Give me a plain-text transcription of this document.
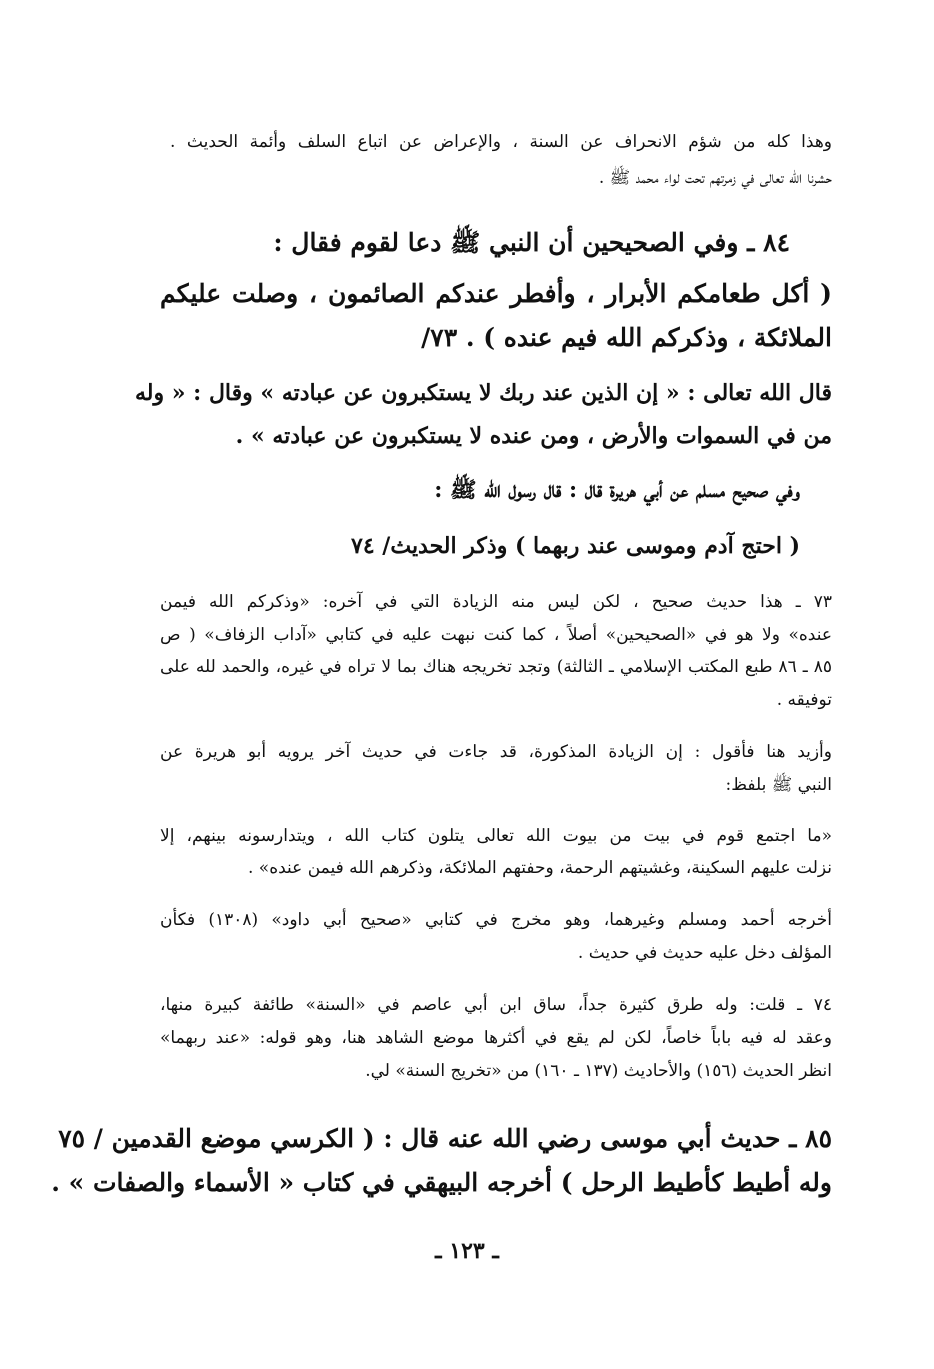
وهذا كله من شؤم الانحراف عن السنة ، والإعراض عن اتباع السلف وأئمة الحديث .
حشرنا الله تعالى في زمرتهم تحت لواء محمد ﷺ .
٨٤ ـ وفي الصحيحين أن النبي ﷺ دعا لقوم فقال :
( أكل طعامكم الأبرار ، وأفطر عندكم الصائمون ، وصلت عليكم
الملائكة ، وذكركم الله فيم عنده ) . ٧٣/
قال الله تعالى : « إن الذين عند ربك لا يستكبرون عن عبادته » وقال : « وله
من في السموات والأرض ، ومن عنده لا يستكبرون عن عبادته » .
وفي صحيح مسلم عن أبي هريرة قال : قال رسول الله ﷺ :
( احتج آدم وموسى عند ربهما ) وذكر الحديث/ ٧٤
٧٣ ـ هذا حديث صحيح ، لكن ليس منه الزيادة التي في آخره: «وذكركم الله فيمن
عنده» ولا هو في «الصحيحين» أصلاً ، كما كنت نبهت عليه في كتابي «آداب الزفاف» ( ص
٨٥ ـ ٨٦ طبع المكتب الإسلامي ـ الثالثة) وتجد تخريجه هناك بما لا تراه في غيره، والحمد لله على
توفيقه .
وأزيد هنا فأقول : إن الزيادة المذكورة، قد جاءت في حديث آخر يرويه أبو هريرة عن
النبي ﷺ بلفظ:
«ما اجتمع قوم في بيت من بيوت الله تعالى يتلون كتاب الله ، ويتدارسونه بينهم، إلا
نزلت عليهم السكينة، وغشيتهم الرحمة، وحفتهم الملائكة، وذكرهم الله فيمن عنده» .
أخرجه أحمد ومسلم وغيرهما، وهو مخرج في كتابي «صحيح أبي داود» (١٣٠٨) فكأن
المؤلف دخل عليه حديث في حديث .
٧٤ ـ قلت: وله طرق كثيرة جداً، ساق ابن أبي عاصم في «السنة» طائفة كبيرة منها،
وعقد له فيه باباً خاصاً، لكن لم يقع في أكثرها موضع الشاهد هنا، وهو قوله: «عند ربهما»
انظر الحديث (١٥٦) والأحاديث (١٣٧ ـ ١٦٠) من «تخريج السنة» لي.
٨٥ ـ حديث أبي موسى رضي الله عنه قال : ( الكرسي موضع القدمين / ٧٥
وله أطيط كأطيط الرحل ) أخرجه البيهقي في كتاب « الأسماء والصفات » .
ـ ١٢٣ ـ
